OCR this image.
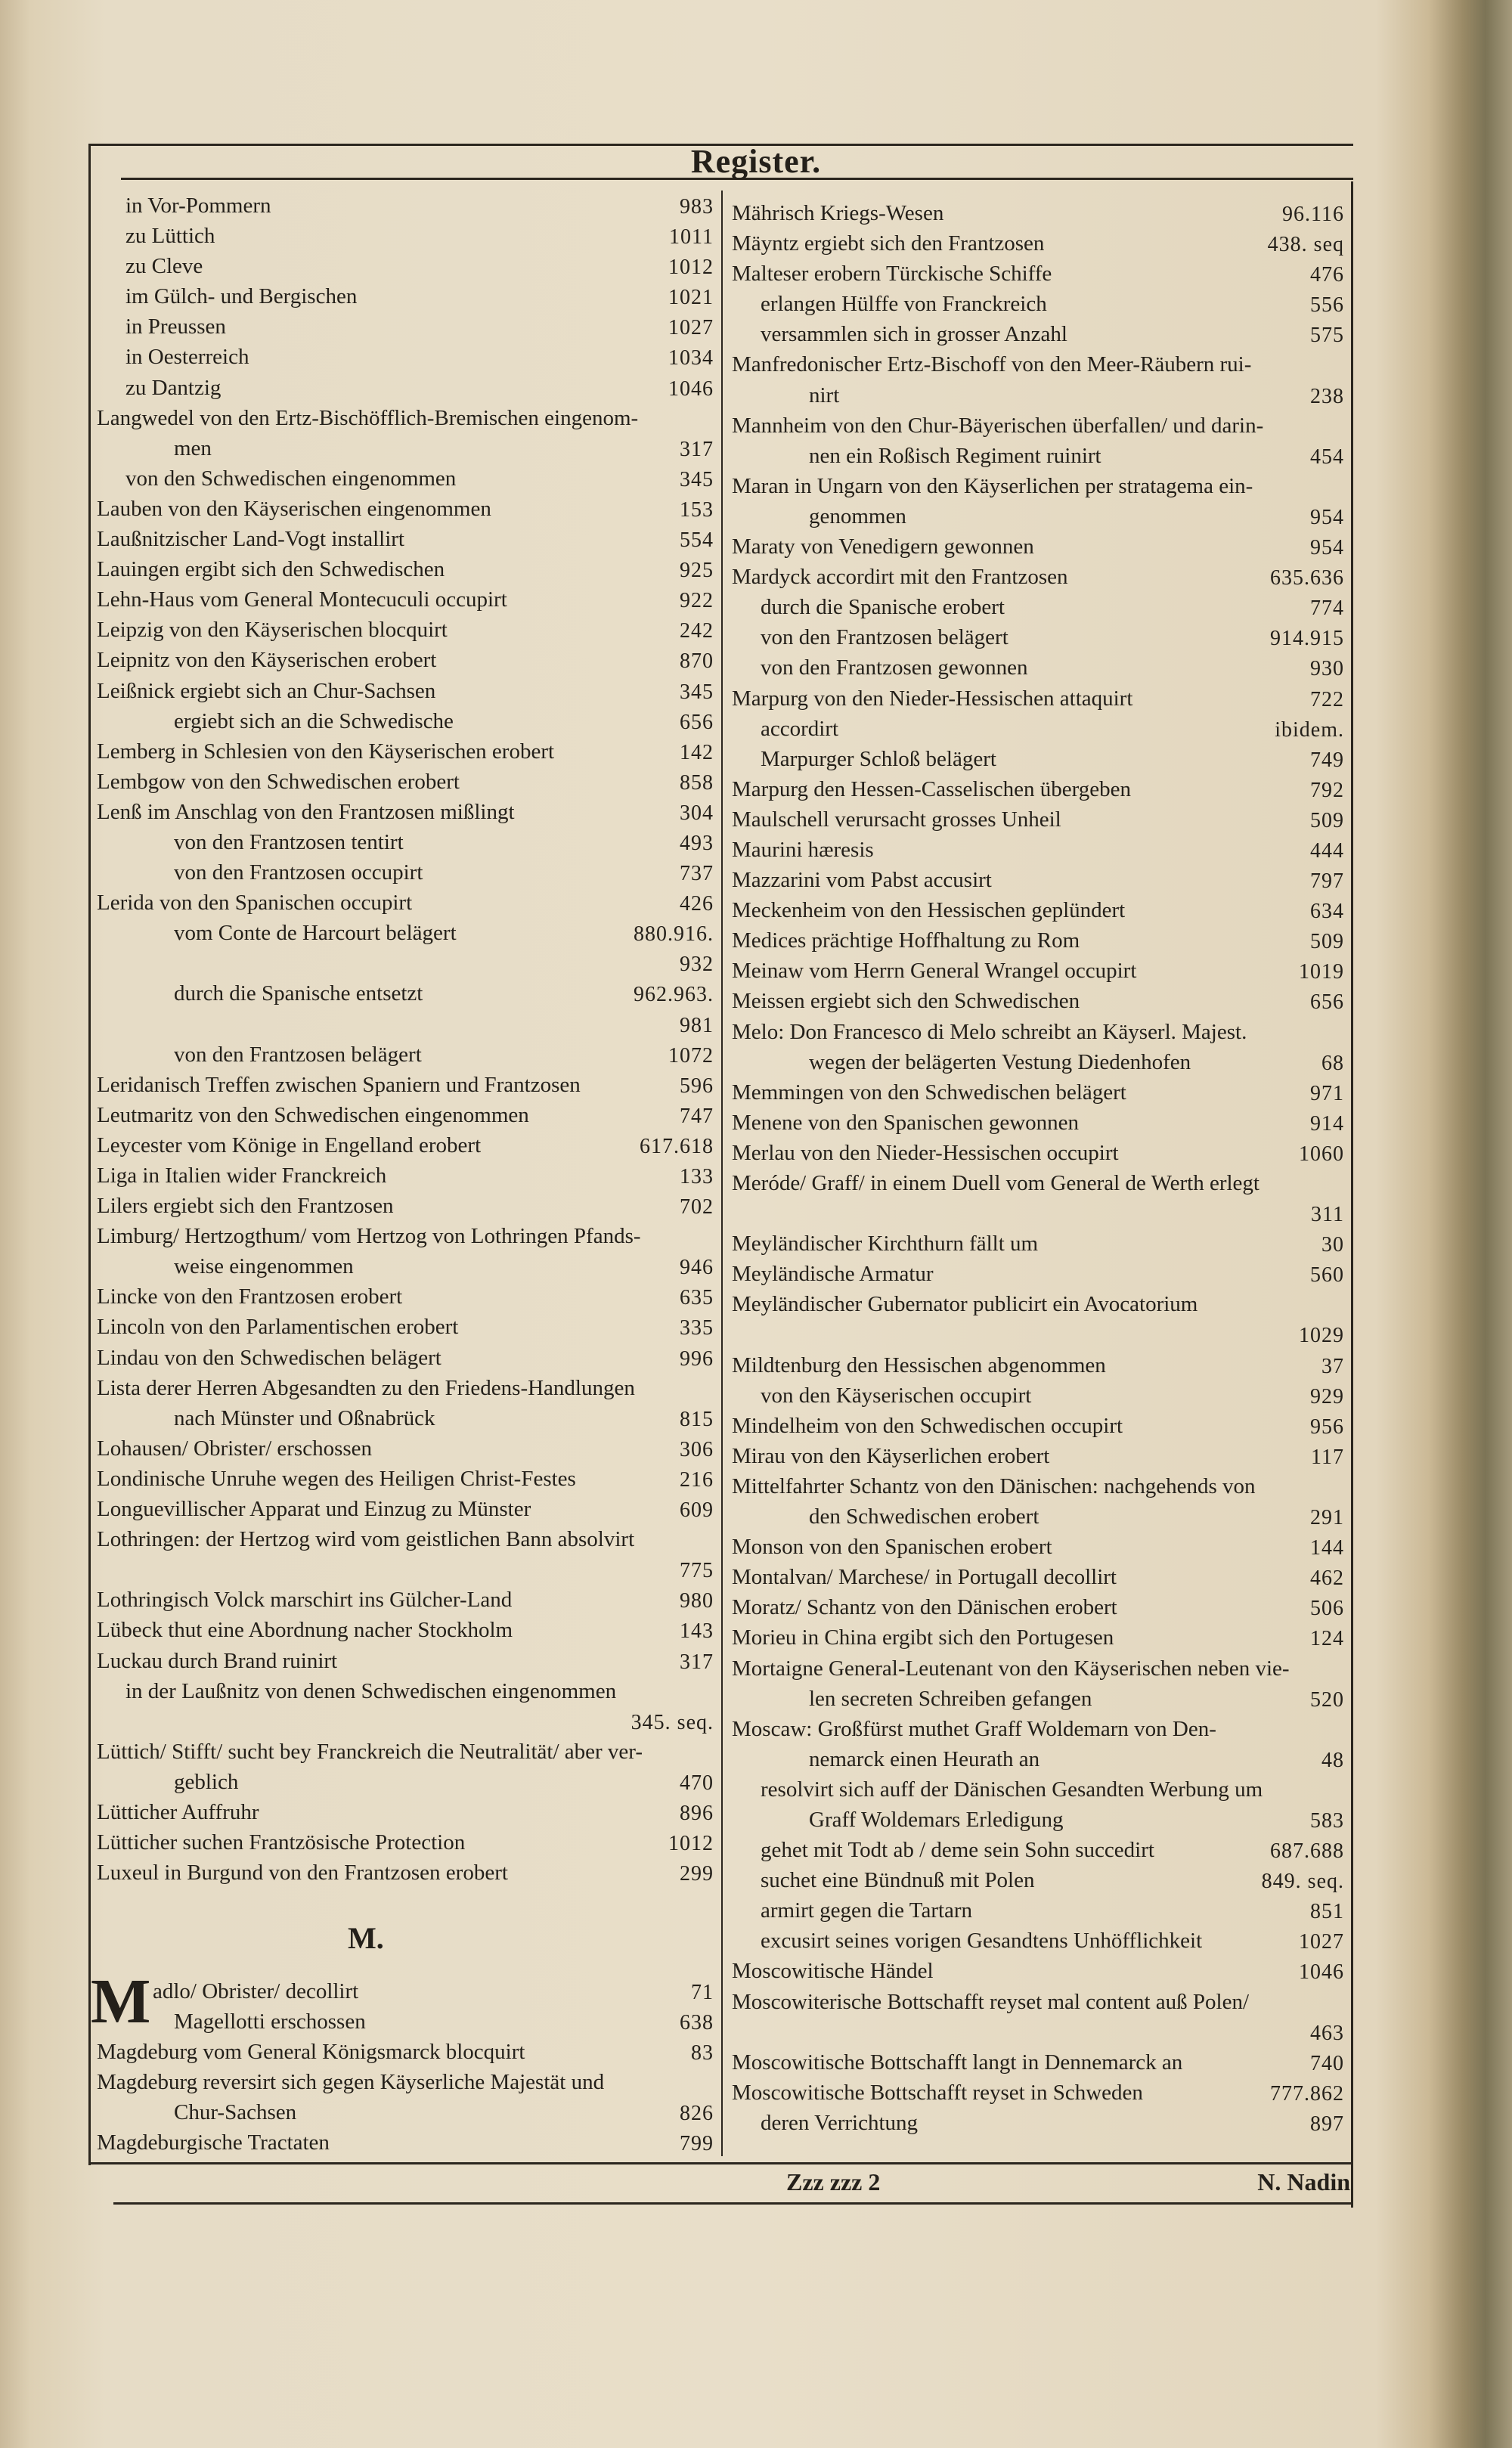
Register.
in Vor-Pommern	983
zu Lüttich	1011
zu Cleve	1012
im Gülch- und Bergischen	1021
in Preussen	1027
in Oesterreich	1034
zu Dantzig	1046
Langwedel von den Ertz-Bischöfflich-Bremischen eingenom-
men	317
von den Schwedischen eingenommen	345
Lauben von den Käyserischen eingenommen	153
Laußnitzischer Land-Vogt installirt	554
Lauingen ergibt sich den Schwedischen	925
Lehn-Haus vom General Montecuculi occupirt	922
Leipzig von den Käyserischen blocquirt	242
Leipnitz von den Käyserischen erobert	870
Leißnick ergiebt sich an Chur-Sachsen	345
ergiebt sich an die Schwedische	656
Lemberg in Schlesien von den Käyserischen erobert	142
Lembgow von den Schwedischen erobert	858
Lenß im Anschlag von den Frantzosen mißlingt	304
von den Frantzosen tentirt	493
von den Frantzosen occupirt	737
Lerida von den Spanischen occupirt	426
vom Conte de Harcourt belägert	880.916.
932
durch die Spanische entsetzt	962.963.
981
von den Frantzosen belägert	1072
Leridanisch Treffen zwischen Spaniern und Frantzosen	596
Leutmaritz von den Schwedischen eingenommen	747
Leycester vom Könige in Engelland erobert	617.618
Liga in Italien wider Franckreich	133
Lilers ergiebt sich den Frantzosen	702
Limburg/ Hertzogthum/ vom Hertzog von Lothringen Pfands-
weise eingenommen	946
Lincke von den Frantzosen erobert	635
Lincoln von den Parlamentischen erobert	335
Lindau von den Schwedischen belägert	996
Lista derer Herren Abgesandten zu den Friedens-Handlungen
nach Münster und Oßnabrück	815
Lohausen/ Obrister/ erschossen	306
Londinische Unruhe wegen des Heiligen Christ-Festes	216
Longuevillischer Apparat und Einzug zu Münster	609
Lothringen: der Hertzog wird vom geistlichen Bann absolvirt
775
Lothringisch Volck marschirt ins Gülcher-Land	980
Lübeck thut eine Abordnung nacher Stockholm	143
Luckau durch Brand ruinirt	317
in der Laußnitz von denen Schwedischen eingenommen
345. seq.
Lüttich/ Stifft/ sucht bey Franckreich die Neutralität/ aber ver-
geblich	470
Lütticher Auffruhr	896
Lütticher suchen Frantzösische Protection	1012
Luxeul in Burgund von den Frantzosen erobert	299
M.
M adlo/ Obrister/ decollirt	71
Magellotti erschossen	638
Magdeburg vom General Königsmarck blocquirt	83
Magdeburg reversirt sich gegen Käyserliche Majestät und
Chur-Sachsen	826
Magdeburgische Tractaten	799
Mährisch Kriegs-Wesen	96.116
Mäyntz ergiebt sich den Frantzosen	438. seq
Malteser erobern Türckische Schiffe	476
erlangen Hülffe von Franckreich	556
versammlen sich in grosser Anzahl	575
Manfredonischer Ertz-Bischoff von den Meer-Räubern rui-
nirt	238
Mannheim von den Chur-Bäyerischen überfallen/ und darin-
nen ein Roßisch Regiment ruinirt	454
Maran in Ungarn von den Käyserlichen per stratagema ein-
genommen	954
Maraty von Venedigern gewonnen	954
Mardyck accordirt mit den Frantzosen	635.636
durch die Spanische erobert	774
von den Frantzosen belägert	914.915
von den Frantzosen gewonnen	930
Marpurg von den Nieder-Hessischen attaquirt	722
accordirt	ibidem.
Marpurger Schloß belägert	749
Marpurg den Hessen-Casselischen übergeben	792
Maulschell verursacht grosses Unheil	509
Maurini hæresis	444
Mazzarini vom Pabst accusirt	797
Meckenheim von den Hessischen geplündert	634
Medices prächtige Hoffhaltung zu Rom	509
Meinaw vom Herrn General Wrangel occupirt	1019
Meissen ergiebt sich den Schwedischen	656
Melo: Don Francesco di Melo schreibt an Käyserl. Majest.
wegen der belägerten Vestung Diedenhofen	68
Memmingen von den Schwedischen belägert	971
Menene von den Spanischen gewonnen	914
Merlau von den Nieder-Hessischen occupirt	1060
Meróde/ Graff/ in einem Duell vom General de Werth erlegt
311
Meyländischer Kirchthurn fällt um	30
Meyländische Armatur	560
Meyländischer Gubernator publicirt ein Avocatorium
1029
Mildtenburg den Hessischen abgenommen	37
von den Käyserischen occupirt	929
Mindelheim von den Schwedischen occupirt	956
Mirau von den Käyserlichen erobert	117
Mittelfahrter Schantz von den Dänischen: nachgehends von
den Schwedischen erobert	291
Monson von den Spanischen erobert	144
Montalvan/ Marchese/ in Portugall decollirt	462
Moratz/ Schantz von den Dänischen erobert	506
Morieu in China ergibt sich den Portugesen	124
Mortaigne General-Leutenant von den Käyserischen neben vie-
len secreten Schreiben gefangen	520
Moscaw: Großfürst muthet Graff Woldemarn von Den-
nemarck einen Heurath an	48
resolvirt sich auff der Dänischen Gesandten Werbung um
Graff Woldemars Erledigung	583
gehet mit Todt ab / deme sein Sohn succedirt	687.688
suchet eine Bündnuß mit Polen	849. seq.
armirt gegen die Tartarn	851
excusirt seines vorigen Gesandtens Unhöfflichkeit	1027
Moscowitische Händel	1046
Moscowiterische Bottschafft reyset mal content auß Polen/
463
Moscowitische Bottschafft langt in Dennemarck an	740
Moscowitische Bottschafft reyset in Schweden	777.862
deren Verrichtung	897
Zzz zzz 2	N. Nadin
